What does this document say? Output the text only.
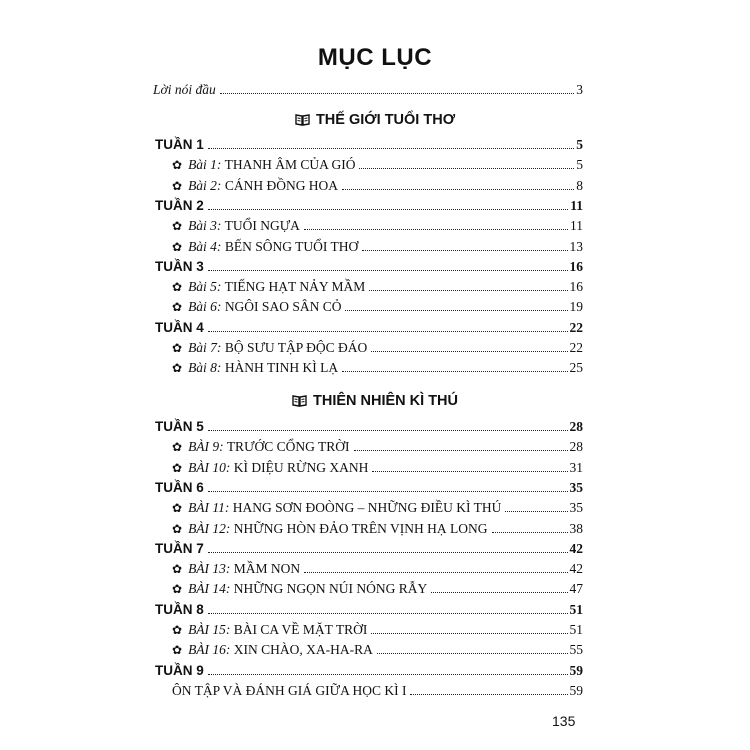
MỤC LỤC
Lời nói đầu	3
THẾ GIỚI TUỔI THƠ
TUẦN 1	5
✿ Bài 1: THANH ÂM CỦA GIÓ	5
✿ Bài 2: CÁNH ĐỒNG HOA	8
TUẦN 2	11
✿ Bài 3: TUỔI NGỰA	11
✿ Bài 4: BẾN SÔNG TUỔI THƠ	13
TUẦN 3	16
✿ Bài 5: TIẾNG HẠT NẢY MẦM	16
✿ Bài 6: NGÔI SAO SÂN CỎ	19
TUẦN 4	22
✿ Bài 7: BỘ SƯU TẬP ĐỘC ĐÁO	22
✿ Bài 8: HÀNH TINH KÌ LẠ	25
THIÊN NHIÊN KÌ THÚ
TUẦN 5	28
✿ BÀI 9: TRƯỚC CỔNG TRỜI	28
✿ BÀI 10: KÌ DIỆU RỪNG XANH	31
TUẦN 6	35
✿ BÀI 11: HANG SƠN ĐOÒNG – NHỮNG ĐIỀU KÌ THÚ	35
✿ BÀI 12: NHỮNG HÒN ĐẢO TRÊN VỊNH HẠ LONG	38
TUẦN 7	42
✿ BÀI 13: MẦM NON	42
✿ BÀI 14: NHỮNG NGỌN NÚI NÓNG RẪY	47
TUẦN 8	51
✿ BÀI 15: BÀI CA VỀ MẶT TRỜI	51
✿ BÀI 16: XIN CHÀO, XA-HA-RA	55
TUẦN 9	59
ÔN TẬP VÀ ĐÁNH GIÁ GIỮA HỌC KÌ I	59
135
